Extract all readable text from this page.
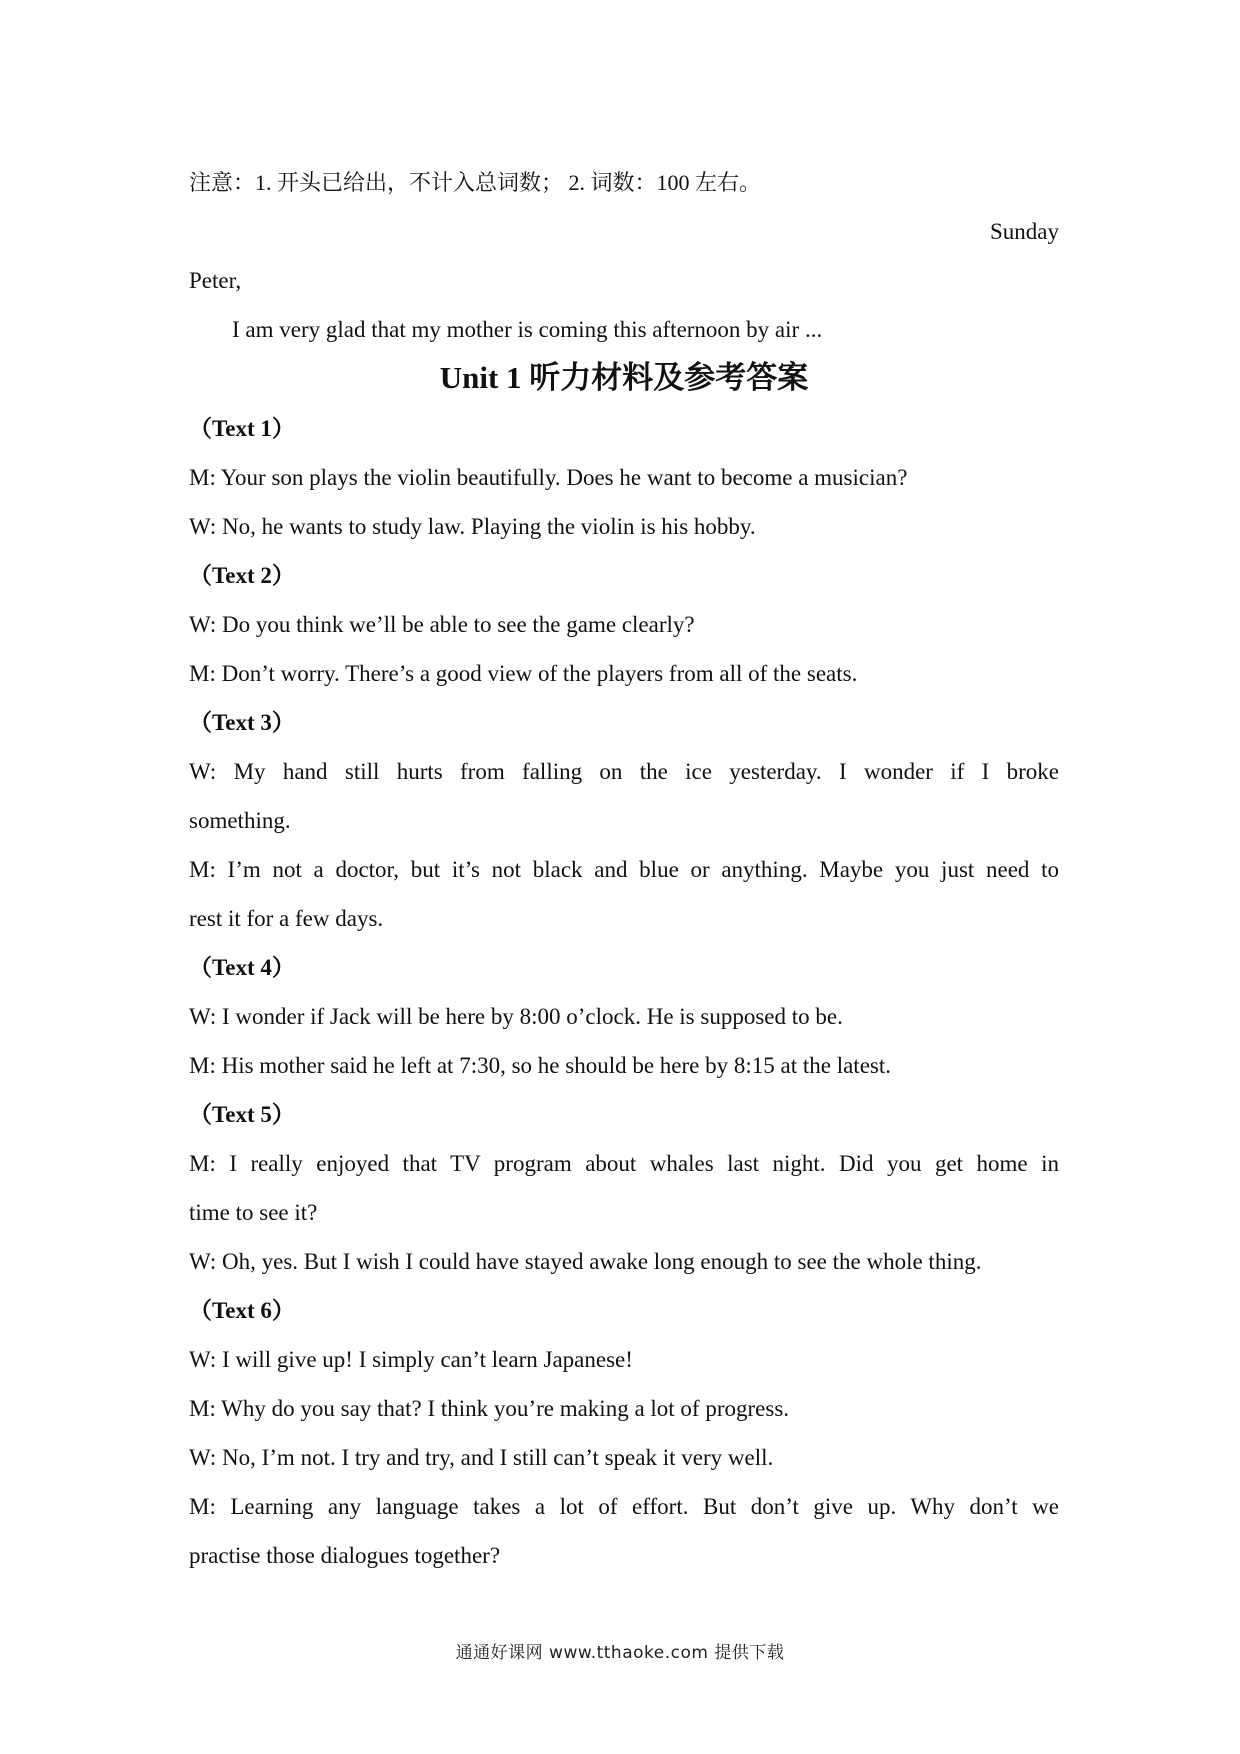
注意：1. 开头已给出，不计入总词数； 2. 词数：100 左右。
Sunday
Peter,
I am very glad that my mother is coming this afternoon by air ...
Unit 1 听力材料及参考答案
（Text 1）
M: Your son plays the violin beautifully. Does he want to become a musician?
W: No, he wants to study law. Playing the violin is his hobby.
（Text 2）
W: Do you think we’ll be able to see the game clearly?
M: Don’t worry. There’s a good view of the players from all of the seats.
（Text 3）
W: My hand still hurts from falling on the ice yesterday. I wonder if I broke
something.
M: I’m not a doctor, but it’s not black and blue or anything. Maybe you just need to
rest it for a few days.
（Text 4）
W: I wonder if Jack will be here by 8:00 o’clock. He is supposed to be.
M: His mother said he left at 7:30, so he should be here by 8:15 at the latest.
（Text 5）
M: I really enjoyed that TV program about whales last night. Did you get home in
time to see it?
W: Oh, yes. But I wish I could have stayed awake long enough to see the whole thing.
（Text 6）
W: I will give up! I simply can’t learn Japanese!
M: Why do you say that? I think you’re making a lot of progress.
W: No, I’m not. I try and try, and I still can’t speak it very well.
M: Learning any language takes a lot of effort. But don’t give up. Why don’t we
practise those dialogues together?
通通好课网 www.tthaoke.com 提供下载
